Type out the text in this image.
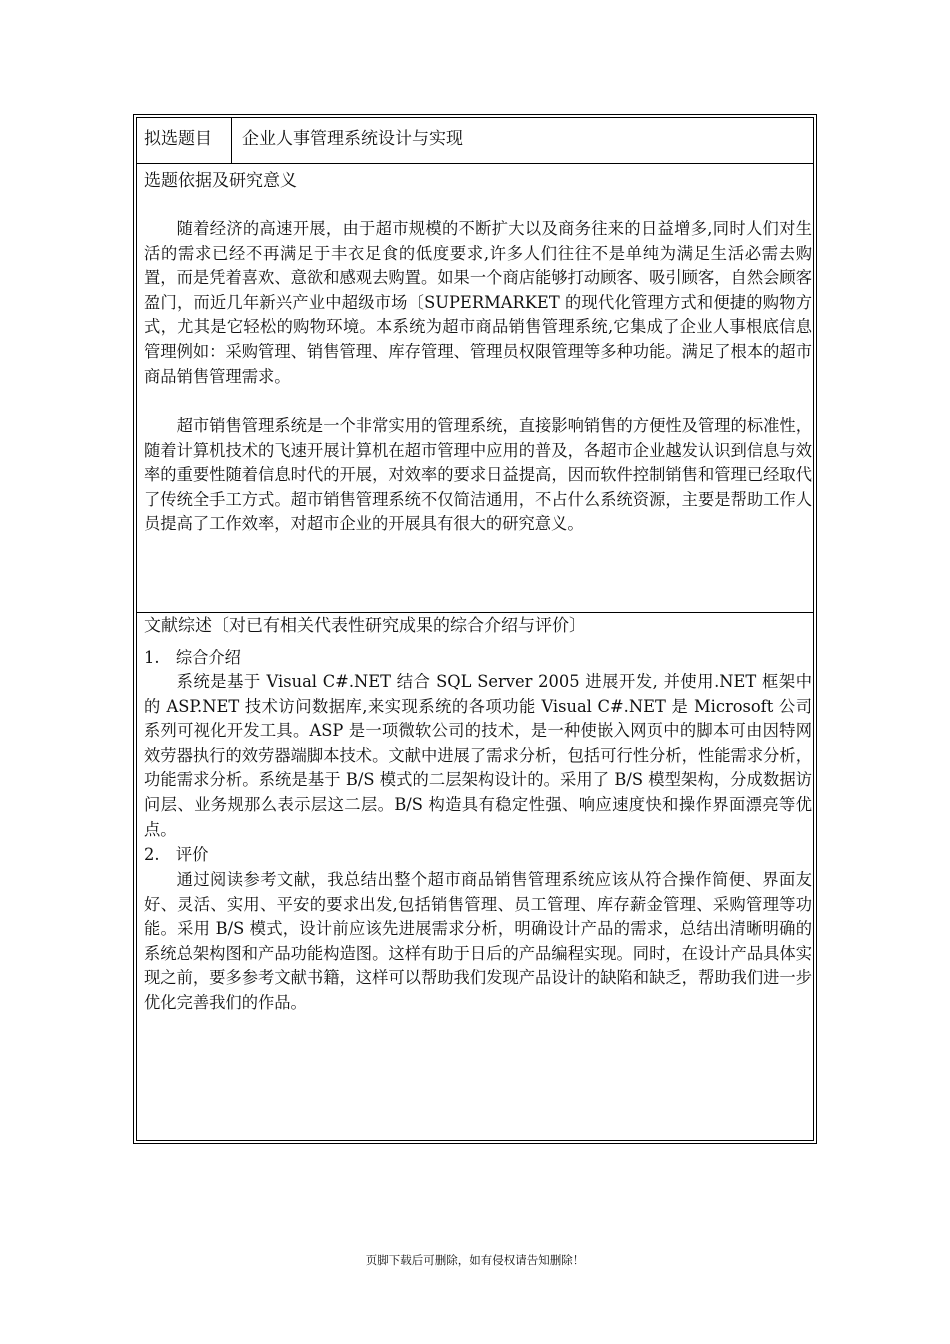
拟选题目 企业人事管理系统设计与实现
选题依据及研究意义
随着经济的高速开展，由于超市规模的不断扩大以及商务往来的日益增多,同时人们对生活的需求已经不再满足于丰衣足食的低度要求,许多人们往往不是单纯为满足生活必需去购置，而是凭着喜欢、意欲和感观去购置。如果一个商店能够打动顾客、吸引顾客，自然会顾客盈门，而近几年新兴产业中超级市场〔SUPERMARKET 的现代化管理方式和便捷的购物方式，尤其是它轻松的购物环境。本系统为超市商品销售管理系统,它集成了企业人事根底信息管理例如：采购管理、销售管理、库存管理、管理员权限管理等多种功能。满足了根本的超市商品销售管理需求。
超市销售管理系统是一个非常实用的管理系统，直接影响销售的方便性及管理的标准性，随着计算机技术的飞速开展计算机在超市管理中应用的普及，各超市企业越发认识到信息与效率的重要性随着信息时代的开展，对效率的要求日益提高，因而软件控制销售和管理已经取代了传统全手工方式。超市销售管理系统不仅简洁通用，不占什么系统资源，主要是帮助工作人员提高了工作效率，对超市企业的开展具有很大的研究意义。
文献综述〔对已有相关代表性研究成果的综合介绍与评价〕
1.　综合介绍
系统是基于 Visual C#.NET 结合 SQL Server 2005 进展开发, 并使用.NET 框架中的 ASP.NET 技术访问数据库,来实现系统的各项功能 Visual C#.NET 是 Microsoft 公司系列可视化开发工具。ASP 是一项微软公司的技术，是一种使嵌入网页中的脚本可由因特网效劳器执行的效劳器端脚本技术。文献中进展了需求分析，包括可行性分析，性能需求分析，功能需求分析。系统是基于 B/S 模式的二层架构设计的。采用了 B/S 模型架构，分成数据访问层、业务规那么表示层这二层。B/S 构造具有稳定性强、响应速度快和操作界面漂亮等优点。
2.　评价
通过阅读参考文献，我总结出整个超市商品销售管理系统应该从符合操作简便、界面友好、灵活、实用、平安的要求出发,包括销售管理、员工管理、库存薪金管理、采购管理等功能。采用 B/S 模式，设计前应该先进展需求分析，明确设计产品的需求，总结出清晰明确的系统总架构图和产品功能构造图。这样有助于日后的产品编程实现。同时，在设计产品具体实现之前，要多参考文献书籍，这样可以帮助我们发现产品设计的缺陷和缺乏，帮助我们进一步优化完善我们的作品。
页脚下载后可删除，如有侵权请告知删除！
